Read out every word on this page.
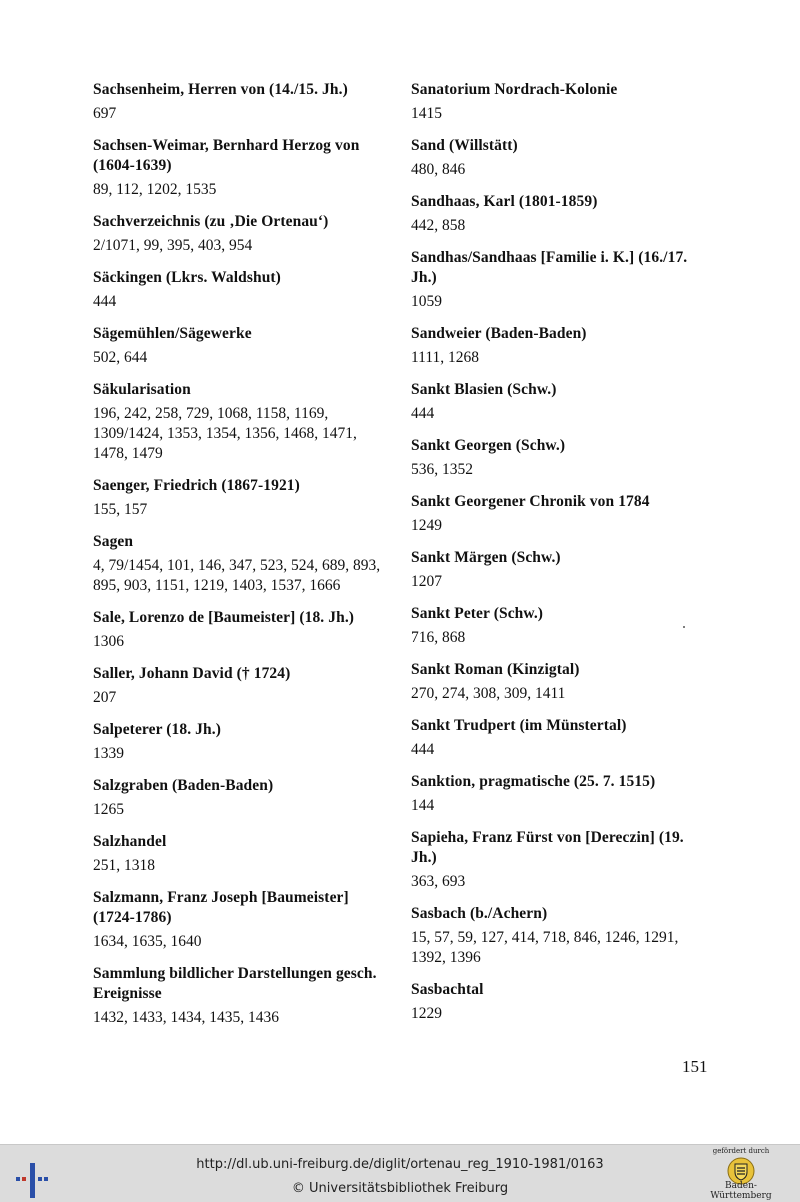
Sachsenheim, Herren von (14./15. Jh.)
697
Sachsen-Weimar, Bernhard Herzog von (1604-1639)
89, 112, 1202, 1535
Sachverzeichnis (zu ‚Die Ortenau‘)
2/1071, 99, 395, 403, 954
Säckingen (Lkrs. Waldshut)
444
Sägemühlen/Sägewerke
502, 644
Säkularisation
196, 242, 258, 729, 1068, 1158, 1169, 1309/1424, 1353, 1354, 1356, 1468, 1471, 1478, 1479
Saenger, Friedrich (1867-1921)
155, 157
Sagen
4, 79/1454, 101, 146, 347, 523, 524, 689, 893, 895, 903, 1151, 1219, 1403, 1537, 1666
Sale, Lorenzo de [Baumeister] (18. Jh.)
1306
Saller, Johann David († 1724)
207
Salpeterer (18. Jh.)
1339
Salzgraben (Baden-Baden)
1265
Salzhandel
251, 1318
Salzmann, Franz Joseph [Baumeister] (1724-1786)
1634, 1635, 1640
Sammlung bildlicher Darstellungen gesch. Ereignisse
1432, 1433, 1434, 1435, 1436
Sanatorium Nordrach-Kolonie
1415
Sand (Willstätt)
480, 846
Sandhaas, Karl (1801-1859)
442, 858
Sandhas/Sandhaas [Familie i. K.] (16./17. Jh.)
1059
Sandweier (Baden-Baden)
1111, 1268
Sankt Blasien (Schw.)
444
Sankt Georgen (Schw.)
536, 1352
Sankt Georgener Chronik von 1784
1249
Sankt Märgen (Schw.)
1207
Sankt Peter (Schw.)
716, 868
Sankt Roman (Kinzigtal)
270, 274, 308, 309, 1411
Sankt Trudpert (im Münstertal)
444
Sanktion, pragmatische (25. 7. 1515)
144
Sapieha, Franz Fürst von [Dereczin] (19. Jh.)
363, 693
Sasbach (b./Achern)
15, 57, 59, 127, 414, 718, 846, 1246, 1291, 1392, 1396
Sasbachtal
1229
151
http://dl.ub.uni-freiburg.de/diglit/ortenau_reg_1910-1981/0163
© Universitätsbibliothek Freiburg
gefördert durch
Baden-Württemberg
